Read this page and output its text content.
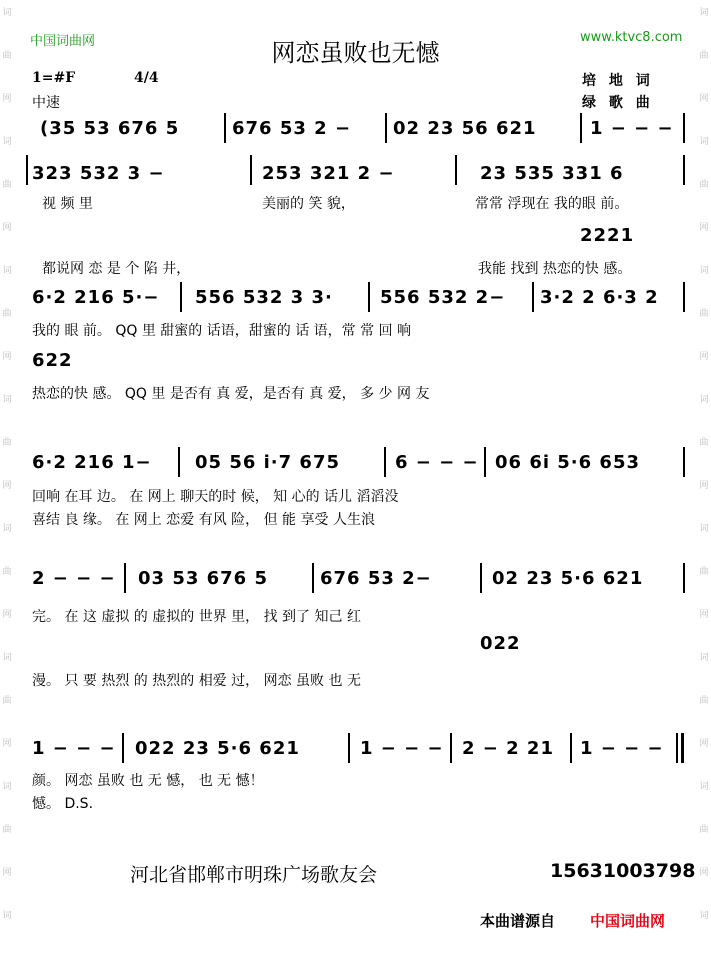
词
曲
网
词
曲
网
词
曲
网
词
曲
网
词
曲
网
词
曲
网
词
曲
网
词
词
曲
网
词
曲
网
词
曲
网
词
曲
网
词
曲
网
词
曲
网
词
曲
网
词
中国词曲网	www.ktvc8.com
网恋虽败也无憾
1=#F	4/4
中速
培 地 词
绿 歌 曲
(35 53 676 5	676 53 2 − 02 23 56 621	1 − − −
323 532 3 −	253 321 2 −	23 535 331 6
视 频 里	美丽的 笑 貌，	常常 浮现在 我的眼 前。
都说网 恋 是 个 陷 井，	我能 找到 热恋的快 感。
6·2 216 5·− 556 532 3 3·	556 532 2− 3·2 2 6·3 2
我的 眼 前。 QQ 里 甜蜜的 话语，甜蜜的 话 语，常 常 回 响
热恋的快 感。 QQ 里 是否有 真 爱，是否有 真 爱， 多 少 网 友
6·2 216 1− 05 56 i·7 675	6 − − − 06 6i 5·6 653
回响 在耳 边。 在 网上 聊天的时 候， 知 心的 话儿 滔滔没
喜结 良 缘。 在 网上 恋爱 有风 险， 但 能 享受 人生浪
2 − − − 03 53 676 5	676 53 2−	02 23 5·6 621
完。 在 这 虚拟 的 虚拟的 世界 里， 找 到了 知己 红
漫。 只 要 热烈 的 热烈的 相爱 过， 网恋 虽败 也 无
1 − − − 022 23 5·6 621	1 − − − 2 − 2 21 1 − − −
颜。 网恋 虽败 也 无 憾， 也 无 憾！
憾。 D.S.
2221
622
022
河北省邯郸市明珠广场歌友会	15631003798
本曲谱源自 中国词曲网
